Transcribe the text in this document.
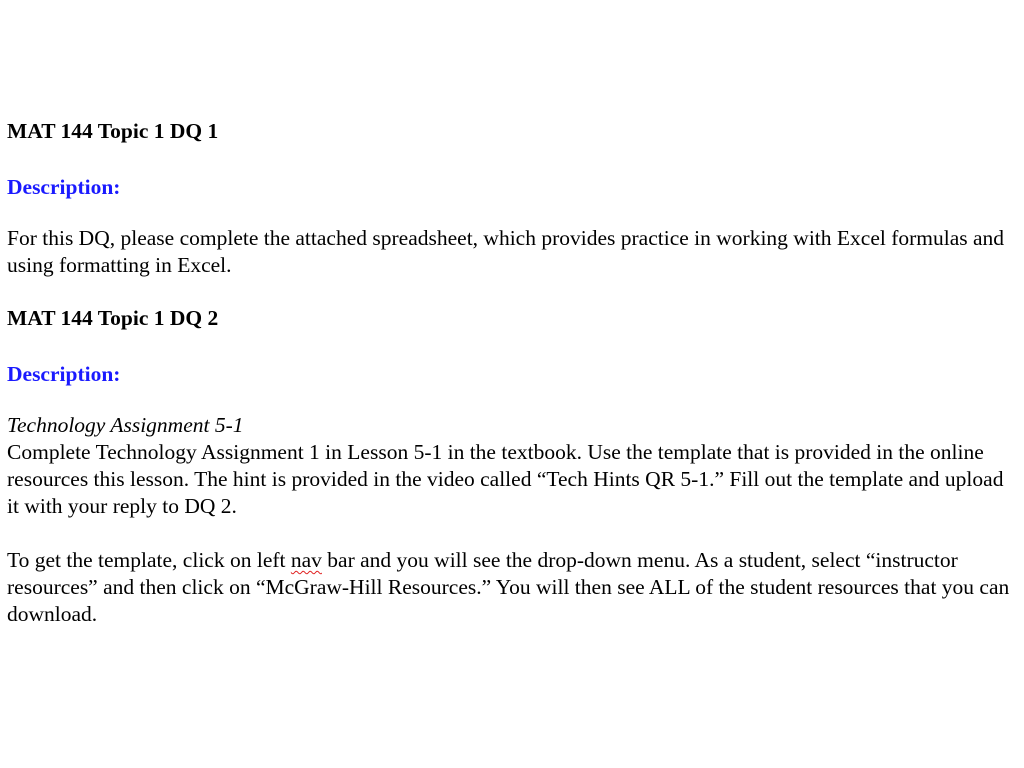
MAT 144 Topic 1 DQ 1

Description:

For this DQ, please complete the attached spreadsheet, which provides practice in working with Excel formulas and using formatting in Excel.

MAT 144 Topic 1 DQ 2

Description:

Technology Assignment 5-1

Complete Technology Assignment 1 in Lesson 5-1 in the textbook. Use the template that is provided in the online resources this lesson. The hint is provided in the video called “Tech Hints QR 5-1.” Fill out the template and upload it with your reply to DQ 2.

To get the template, click on left nav bar and you will see the drop-down menu. As a student, select “instructor resources” and then click on “McGraw-Hill Resources.” You will then see ALL of the student resources that you can download.
